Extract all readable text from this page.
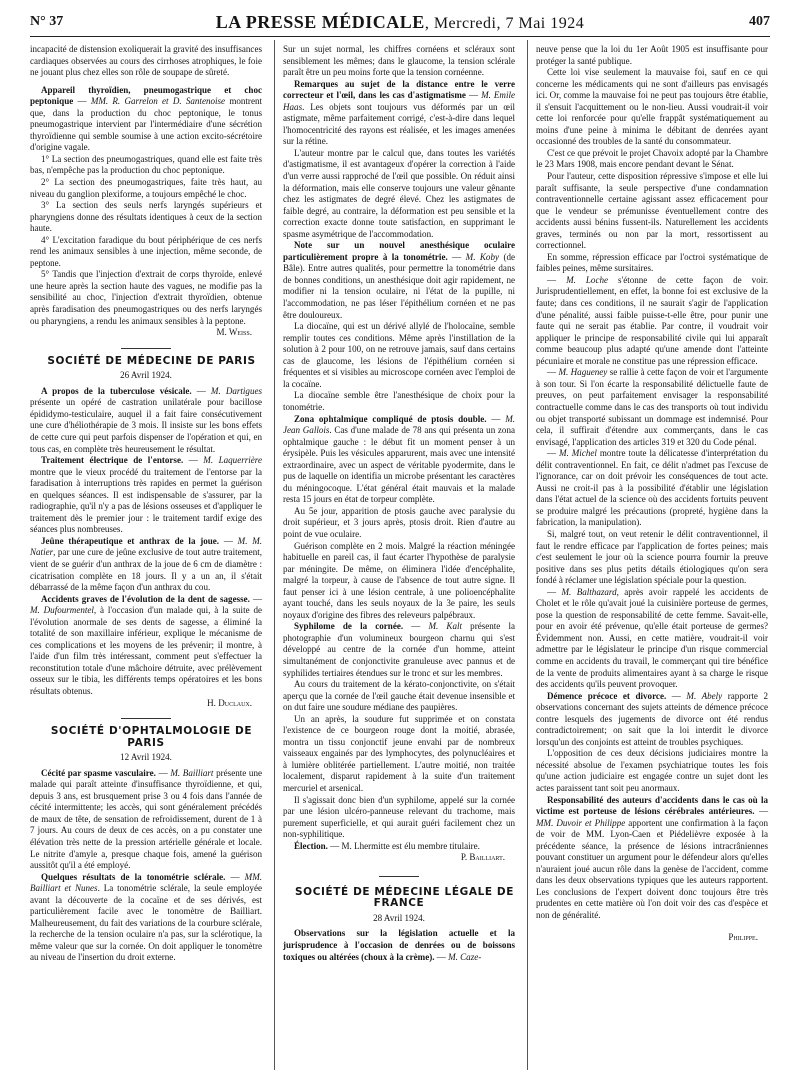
N° 37	LA PRESSE MÉDICALE, Mercredi, 7 Mai 1924	407

incapacité de distension exoliquerait la gravité des insuffisances cardiaques observées au cours des cirrhoses atrophiques, le foie ne jouant plus chez elles son rôle de soupape de sûreté.

Appareil thyroïdien, pneumogastrique et choc peptonique — MM. R. Garrelon et D. Santenoise montrent que, dans la production du choc peptonique, le tonus pneumogastrique intervient par l'intermédiaire d'une sécrétion thyroïdienne qui semble soumise à une action excito-sécrétoire d'origine vagale.

1° La section des pneumogastriques, quand elle est faite très bas, n'empêche pas la production du choc peptonique.

2° La section des pneumogastriques, faite très haut, au niveau du ganglion plexiforme, a toujours empêché le choc.

3° La section des seuls nerfs laryngés supérieurs et pharyngiens donne des résultats identiques à ceux de la section haute.

4° L'excitation faradique du bout périphérique de ces nerfs rend les animaux sensibles à une injection, même seconde, de peptone.

5° Tandis que l'injection d'extrait de corps thyroïde, enlevé une heure après la section haute des vagues, ne modifie pas la sensibilité au choc, l'injection d'extrait thyroïdien, obtenue après faradisation des pneumogastriques ou des nerfs laryngés ou pharyngiens, a rendu les animaux sensibles à la peptone.

M. Weiss.

SOCIÉTÉ DE MÉDECINE DE PARIS

26 Avril 1924.

A propos de la tuberculose vésicale. — M. Dartigues présente un opéré de castration unilatérale pour bacillose épididymo-testiculaire, auquel il a fait faire consécutivement une cure d'héliothérapie de 3 mois. Il insiste sur les bons effets de cette cure qui peut parfois dispenser de l'opération et qui, en tous cas, en complète très heureusement le résultat.

Traitement électrique de l'entorse. — M. Laquerrière montre que le vieux procédé du traitement de l'entorse par la faradisation à interruptions très rapides en permet la guérison en quelques séances. Il est indispensable de s'assurer, par la radiographie, qu'il n'y a pas de lésions osseuses et d'appliquer le traitement dès le premier jour : le traitement tardif exige des séances plus nombreuses.

Jeûne thérapeutique et anthrax de la joue. — M. M. Natier, par une cure de jeûne exclusive de tout autre traitement, vient de se guérir d'un anthrax de la joue de 6 cm de diamètre : cicatrisation complète en 18 jours. Il y a un an, il s'était débarrassé de la même façon d'un anthrax du cou.

Accidents graves de l'évolution de la dent de sagesse. — M. Dufourmentel, à l'occasion d'un malade qui, à la suite de l'évolution anormale de ses dents de sagesse, a éliminé la totalité de son maxillaire inférieur, explique le mécanisme de ces complications et les moyens de les prévenir; il montre, à l'aide d'un film très intéressant, comment peut s'effectuer la reconstitution totale d'une mâchoire détruite, avec prélèvement osseux sur le tibia, les différents temps opératoires et les bons résultats obtenus.

H. Duclaux.

SOCIÉTÉ D'OPHTALMOLOGIE DE PARIS

12 Avril 1924.

Cécité par spasme vasculaire. — M. Bailliart présente une malade qui paraît atteinte d'insuffisance thyroïdienne, et qui, depuis 3 ans, est brusquement prise 3 ou 4 fois dans l'année de cécité intermittente; les accès, qui sont généralement précédés de maux de tête, de sensation de refroidissement, durent de 1 à 7 jours. Au cours de deux de ces accès, on a pu constater une élévation très nette de la pression artérielle générale et locale. Le nitrite d'amyle a, presque chaque fois, amené la guérison aussitôt qu'il a été employé.

Quelques résultats de la tonométrie sclérale. — MM. Bailliart et Nunes. La tonométrie sclérale, la seule employée avant la découverte de la cocaïne et de ses dérivés, est particulièrement facile avec le tonomètre de Bailliart. Malheureusement, du fait des variations de la courbure sclérale, la recherche de la tension oculaire n'a pas, sur la sclérotique, la même valeur que sur la cornée. On doit appliquer le tonomètre au niveau de l'insertion du droit externe.

Sur un sujet normal, les chiffres cornéens et scléraux sont sensiblement les mêmes; dans le glaucome, la tension sclérale paraît être un peu moins forte que la tension cornéenne.

Remarques au sujet de la distance entre le verre correcteur et l'œil, dans les cas d'astigmatisme — M. Emile Haas. Les objets sont toujours vus déformés par un œil astigmate, même parfaitement corrigé, c'est-à-dire dans lequel l'homocentricité des rayons est réalisée, et les images amenées sur la rétine.

L'auteur montre par le calcul que, dans toutes les variétés d'astigmatisme, il est avantageux d'opérer la correction à l'aide d'un verre aussi rapproché de l'œil que possible. On réduit ainsi la déformation, mais elle conserve toujours une valeur gênante chez les astigmates de degré élevé. Chez les astigmates de faible degré, au contraire, la déformation est peu sensible et la correction exacte donne toute satisfaction, en supprimant le spasme asymétrique de l'accommodation.

Note sur un nouvel anesthésique oculaire particulièrement propre à la tonométrie. — M. Koby (de Bâle). Entre autres qualités, pour permettre la tonométrie dans de bonnes conditions, un anesthésique doit agir rapidement, ne modifier ni la tension oculaire, ni l'état de la pupille, ni l'accommodation, ne pas léser l'épithélium cornéen et ne pas être douloureux.

La diocaïne, qui est un dérivé allylé de l'holocaïne, semble remplir toutes ces conditions. Même après l'instillation de la solution à 2 pour 100, on ne retrouve jamais, sauf dans certains cas de glaucome, les lésions de l'épithélium cornéen si fréquentes et si visibles au microscope cornéen avec l'emploi de la cocaïne.

La diocaïne semble être l'anesthésique de choix pour la tonométrie.

Zona ophtalmique compliqué de ptosis double. — M. Jean Gallois. Cas d'une malade de 78 ans qui présenta un zona ophtalmique gauche : le début fit un moment penser à un érysipèle. Puis les vésicules apparurent, mais avec une intensité extraordinaire, avec un aspect de véritable pyodermite, dans le pus de laquelle on identifia un microbe présentant les caractères du méningocoque. L'état général était mauvais et la malade resta 15 jours en état de torpeur complète.

Au 5e jour, apparition de ptosis gauche avec paralysie du droit supérieur, et 3 jours après, ptosis droit. Rien d'autre au point de vue oculaire.

Guérison complète en 2 mois. Malgré la réaction méningée habituelle en pareil cas, il faut écarter l'hypothèse de paralysie par méningite. De même, on éliminera l'idée d'encéphalite, malgré la torpeur, à cause de l'absence de tout autre signe. Il faut penser ici à une lésion centrale, à une polioencéphalite ayant touché, dans les seuls noyaux de la 3e paire, les seuls noyaux d'origine des fibres des releveurs palpébraux.

Syphilome de la cornée. — M. Kalt présente la photographie d'un volumineux bourgeon charnu qui s'est développé au centre de la cornée d'un homme, atteint simultanément de conjonctivite granuleuse avec pannus et de syphilides tertiaires étendues sur le tronc et sur les membres.

Au cours du traitement de la kérato-conjonctivite, on s'était aperçu que la cornée de l'œil gauche était devenue insensible et on dut faire une soudure médiane des paupières.

Un an après, la soudure fut supprimée et on constata l'existence de ce bourgeon rouge dont la moitié, abrasée, montra un tissu conjonctif jeune envahi par de nombreux vaisseaux engainés par des lymphocytes, des polynucléaires et à lumière oblitérée partiellement. L'autre moitié, non traitée localement, disparut rapidement à la suite d'un traitement mercuriel et arsenical.

Il s'agissait donc bien d'un syphilome, appelé sur la cornée par une lésion ulcéro-panneuse relevant du trachome, mais purement superficielle, et qui aurait guéri facilement chez un non-syphilitique.

Élection. — M. Lhermitte est élu membre titulaire.

P. Bailliart.

SOCIÉTÉ DE MÉDECINE LÉGALE DE FRANCE

28 Avril 1924.

Observations sur la législation actuelle et la jurisprudence à l'occasion de denrées ou de boissons toxiques ou altérées (choux à la crème). — M. Caze-

neuve pense que la loi du 1er Août 1905 est insuffisante pour protéger la santé publique.

Cette loi vise seulement la mauvaise foi, sauf en ce qui concerne les médicaments qui ne sont d'ailleurs pas envisagés ici. Or, comme la mauvaise foi ne peut pas toujours être établie, il s'ensuit l'acquittement ou le non-lieu. Aussi voudrait-il voir cette loi renforcée pour qu'elle frappât systématiquement au moins d'une peine à minima le débitant de denrées ayant occasionné des troubles de la santé du consommateur.

C'est ce que prévoit le projet Chavoix adopté par la Chambre le 23 Mars 1908, mais encore pendant devant le Sénat.

Pour l'auteur, cette disposition répressive s'impose et elle lui paraît suffisante, la seule perspective d'une condamnation contraventionnelle certaine agissant assez efficacement pour que le vendeur se prémunisse éventuellement contre des accidents aussi bénins fussent-ils. Naturellement les accidents graves, terminés ou non par la mort, ressortissent au correctionnel.

En somme, répression efficace par l'octroi systématique de faibles peines, même sursitaires.

— M. Loche s'étonne de cette façon de voir. Jurisprudentiellement, en effet, la bonne foi est exclusive de la faute; dans ces conditions, il ne saurait s'agir de l'application d'une pénalité, aussi faible puisse-t-elle être, pour punir une faute qui ne serait pas établie. Par contre, il voudrait voir appliquer le principe de responsabilité civile qui lui apparaît comme beaucoup plus adapté qu'une amende dont l'atteinte pécuniaire et morale ne constitue pas une répression efficace.

— M. Hagueney se rallie à cette façon de voir et l'argumente à son tour. Si l'on écarte la responsabilité délictuelle faute de preuves, on peut parfaitement envisager la responsabilité contractuelle comme dans le cas des transports où tout individu ou objet transporté subissant un dommage est indemnisé. Pour cela, il suffirait d'étendre aux commerçants, dans le cas envisagé, l'application des articles 319 et 320 du Code pénal.

— M. Michel montre toute la délicatesse d'interprétation du délit contraventionnel. En fait, ce délit n'admet pas l'excuse de l'ignorance, car on doit prévoir les conséquences de tout acte. Aussi ne croit-il pas à la possibilité d'établir une législation dans l'état actuel de la science où des accidents fortuits peuvent se produire malgré les précautions (propreté, hygiène dans la fabrication, la manipulation).

Si, malgré tout, on veut retenir le délit contraventionnel, il faut le rendre efficace par l'application de fortes peines; mais c'est seulement le jour où la science pourra fournir la preuve positive dans ses plus petits détails étiologiques qu'on sera fondé à réclamer une législation spéciale pour la question.

— M. Balthazard, après avoir rappelé les accidents de Cholet et le rôle qu'avait joué la cuisinière porteuse de germes, pose la question de responsabilité de cette femme. Savait-elle, pour en avoir été prévenue, qu'elle était porteuse de germes? Évidemment non. Aussi, en cette matière, voudrait-il voir admettre par le législateur le principe d'un risque commercial comme en accidents du travail, le commerçant qui tire bénéfice de la vente de produits alimentaires ayant à sa charge le risque des accidents qu'ils peuvent provoquer.

Démence précoce et divorce. — M. Abely rapporte 2 observations concernant des sujets atteints de démence précoce contre lesquels des jugements de divorce ont été rendus contradictoirement; on sait que la loi interdit le divorce lorsqu'un des conjoints est atteint de troubles psychiques.

L'opposition de ces deux décisions judiciaires montre la nécessité absolue de l'examen psychiatrique toutes les fois qu'une action judiciaire est engagée contre un sujet dont les actes paraissent tant soit peu anormaux.

Responsabilité des auteurs d'accidents dans le cas où la victime est porteuse de lésions cérébrales antérieures. — MM. Duvoir et Philippe apportent une confirmation à la façon de voir de MM. Lyon-Caen et Piédelièvre exposée à la précédente séance, la présence de lésions intracrâniennes pouvant constituer un argument pour le défendeur alors qu'elles n'auraient joué aucun rôle dans la genèse de l'accident, comme dans les deux observations typiques que les auteurs rapportent. Les conclusions de l'expert doivent donc toujours être très prudentes en cette matière où l'on doit voir des cas d'espèce et non de généralité.

Philippe.
